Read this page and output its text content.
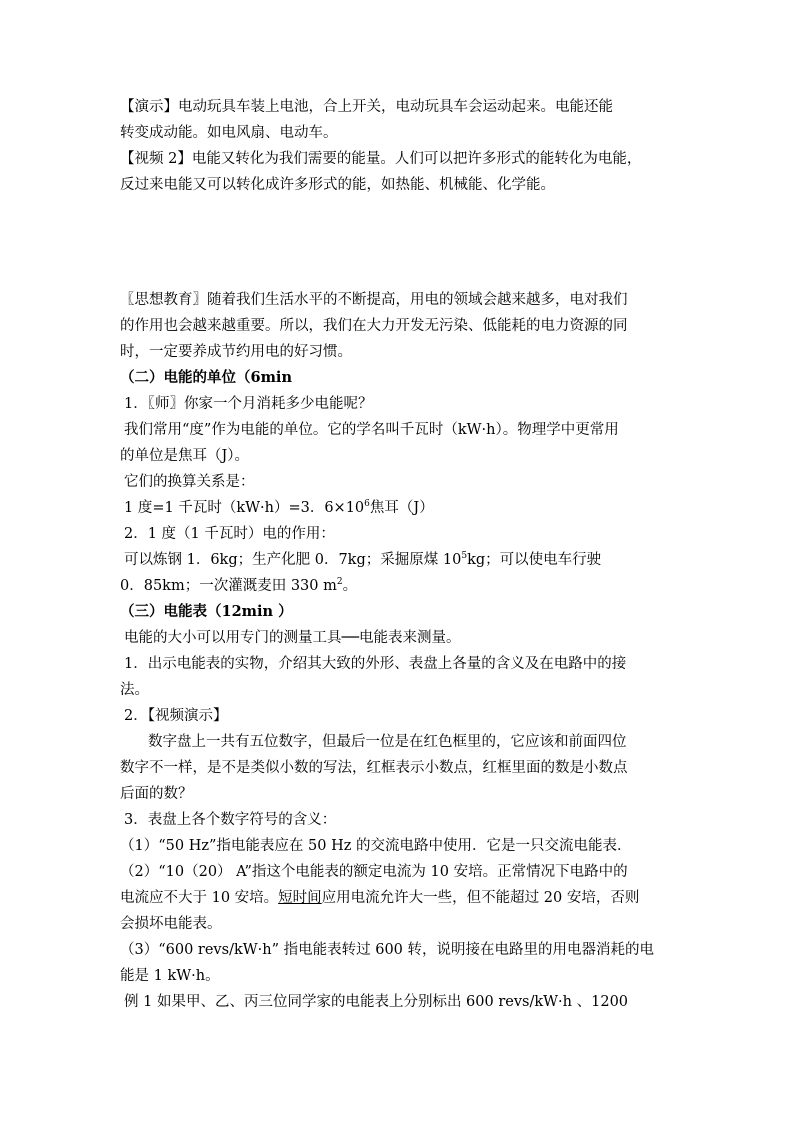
【演示】电动玩具车装上电池，合上开关，电动玩具车会运动起来。电能还能
转变成动能。如电风扇、电动车。
【视频 2】电能又转化为我们需要的能量。人们可以把许多形式的能转化为电能，
反过来电能又可以转化成许多形式的能，如热能、机械能、化学能。
〖思想教育〗随着我们生活水平的不断提高，用电的领域会越来越多，电对我们
的作用也会越来越重要。所以，我们在大力开发无污染、低能耗的电力资源的同
时，一定要养成节约用电的好习惯。
（二）电能的单位（6min
1．〖师〗你家一个月消耗多少电能呢？
我们常用“度”作为电能的单位。它的学名叫千瓦时（kW·h）。物理学中更常用
的单位是焦耳（J）。
它们的换算关系是：
1 度=1 千瓦时（kW·h）=3．$6\times 10^6$焦耳（J）
2．1 度（1 千瓦时）电的作用：
可以炼钢 1．6kg；生产化肥 0．7kg；采掘原煤 $10^5kg$；可以使电车行驶
0．85km；一次灌溉麦田 330 $m^2$。
（三）电能表（12min ）
电能的大小可以用专门的测量工具──电能表来测量。
1．出示电能表的实物，介绍其大致的外形、表盘上各量的含义及在电路中的接
法。
2．【视频演示】
数字盘上一共有五位数字，但最后一位是在红色框里的，它应该和前面四位
数字不一样，是不是类似小数的写法，红框表示小数点，红框里面的数是小数点
后面的数？
3．表盘上各个数字符号的含义：
（1）“50 Hz”指电能表应在 50 Hz 的交流电路中使用．它是一只交流电能表．
（2）“10（20） A”指这个电能表的额定电流为 10 安培。正常情况下电路中的
电流应不大于 10 安培。短时间应用电流允许大一些，但不能超过 20 安培，否则
会损坏电能表。
（3）“600 revs/kW·h” 指电能表转过 600 转，说明接在电路里的用电器消耗的电
能是 1 kW·h。
例 1 如果甲、乙、丙三位同学家的电能表上分别标出 600 revs/kW·h 、1200
